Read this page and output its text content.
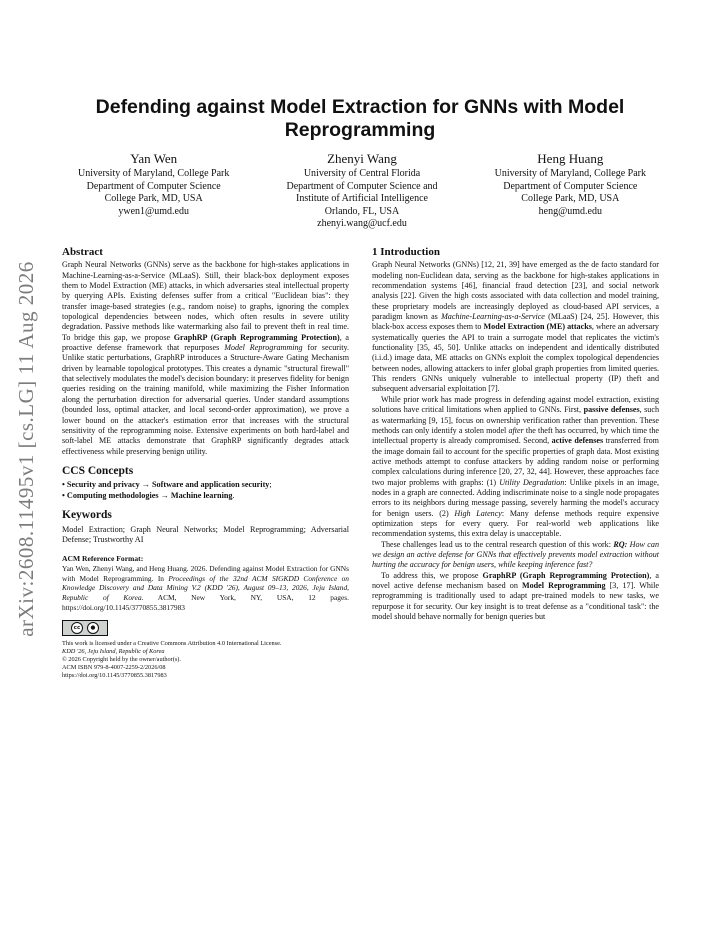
arXiv:2608.11495v1 [cs.LG] 11 Aug 2026
Defending against Model Extraction for GNNs with Model Reprogramming
Yan Wen
University of Maryland, College Park
Department of Computer Science
College Park, MD, USA
ywen1@umd.edu
Zhenyi Wang
University of Central Florida
Department of Computer Science and
Institute of Artificial Intelligence
Orlando, FL, USA
zhenyi.wang@ucf.edu
Heng Huang
University of Maryland, College Park
Department of Computer Science
College Park, MD, USA
heng@umd.edu
Abstract

Graph Neural Networks (GNNs) serve as the backbone for high-stakes applications in Machine-Learning-as-a-Service (MLaaS). Still, their black-box deployment exposes them to Model Extraction (ME) attacks, in which adversaries steal intellectual property by querying APIs. Existing defenses suffer from a critical "Euclidean bias": they transfer image-based strategies (e.g., random noise) to graphs, ignoring the complex topological dependencies between nodes, which often results in severe utility degradation. Passive methods like watermarking also fail to prevent theft in real time. To bridge this gap, we propose GraphRP (Graph Reprogramming Protection), a proactive defense framework that repurposes Model Reprogramming for security. Unlike static perturbations, GraphRP introduces a Structure-Aware Gating Mechanism driven by learnable topological prototypes. This creates a dynamic "structural firewall" that selectively modulates the model's decision boundary: it preserves fidelity for benign queries residing on the training manifold, while maximizing the Fisher Information along the perturbation direction for adversarial queries. Under standard assumptions (bounded loss, optimal attacker, and local second-order approximation), we prove a lower bound on the attacker's estimation error that increases with the structural sensitivity of the reprogramming noise. Extensive experiments on both hard-label and soft-label ME attacks demonstrate that GraphRP significantly degrades attack effectiveness while preserving benign utility.

CCS Concepts
• Security and privacy → Software and application security;
• Computing methodologies → Machine learning.
Keywords

Model Extraction; Graph Neural Networks; Model Reprogramming; Adversarial Defense; Trustworthy AI

ACM Reference Format:

Yan Wen, Zhenyi Wang, and Heng Huang. 2026. Defending against Model Extraction for GNNs with Model Reprogramming. In Proceedings of the 32nd ACM SIGKDD Conference on Knowledge Discovery and Data Mining V.2 (KDD '26), August 09–13, 2026, Jeju Island, Republic of Korea. ACM, New York, NY, USA, 12 pages. https://doi.org/10.1145/3770855.3817983

cc	●
This work is licensed under a Creative Commons Attribution 4.0 International License.
KDD '26, Jeju Island, Republic of Korea
© 2026 Copyright held by the owner/author(s).
ACM ISBN 979-8-4007-2259-2/2026/08
https://doi.org/10.1145/3770855.3817983
1 Introduction

Graph Neural Networks (GNNs) [12, 21, 39] have emerged as the de facto standard for modeling non-Euclidean data, serving as the backbone for high-stakes applications in recommendation systems [46], financial fraud detection [23], and social network analysis [22]. Given the high costs associated with data collection and model training, these proprietary models are increasingly deployed as cloud-based API services, a paradigm known as Machine-Learning-as-a-Service (MLaaS) [24, 25]. However, this black-box access exposes them to Model Extraction (ME) attacks, where an adversary systematically queries the API to train a surrogate model that replicates the victim's functionality [35, 45, 50]. Unlike attacks on independent and identically distributed (i.i.d.) image data, ME attacks on GNNs exploit the complex topological dependencies between nodes, allowing attackers to infer global graph properties from limited queries. This renders GNNs uniquely vulnerable to intellectual property (IP) theft and subsequent adversarial exploitation [7].

While prior work has made progress in defending against model extraction, existing solutions have critical limitations when applied to GNNs. First, passive defenses, such as watermarking [9, 15], focus on ownership verification rather than prevention. These methods can only identify a stolen model after the theft has occurred, by which time the intellectual property is already compromised. Second, active defenses transferred from the image domain fail to account for the specific properties of graph data. Most existing active methods attempt to confuse attackers by adding random noise or performing complex calculations during inference [20, 27, 32, 44]. However, these approaches face two major problems with graphs: (1) Utility Degradation: Unlike pixels in an image, nodes in a graph are connected. Adding indiscriminate noise to a single node propagates errors to its neighbors during message passing, severely harming the model's accuracy for benign users. (2) High Latency: Many defense methods require expensive optimization steps for every query. For real-world web applications like recommendation systems, this extra delay is unacceptable.

These challenges lead us to the central research question of this work: RQ: How can we design an active defense for GNNs that effectively prevents model extraction without hurting the accuracy for benign users, while keeping inference fast?

To address this, we propose GraphRP (Graph Reprogramming Protection), a novel active defense mechanism based on Model Reprogramming [3, 17]. While reprogramming is traditionally used to adapt pre-trained models to new tasks, we repurpose it for security. Our key insight is to treat defense as a "conditional task": the model should behave normally for benign queries but
